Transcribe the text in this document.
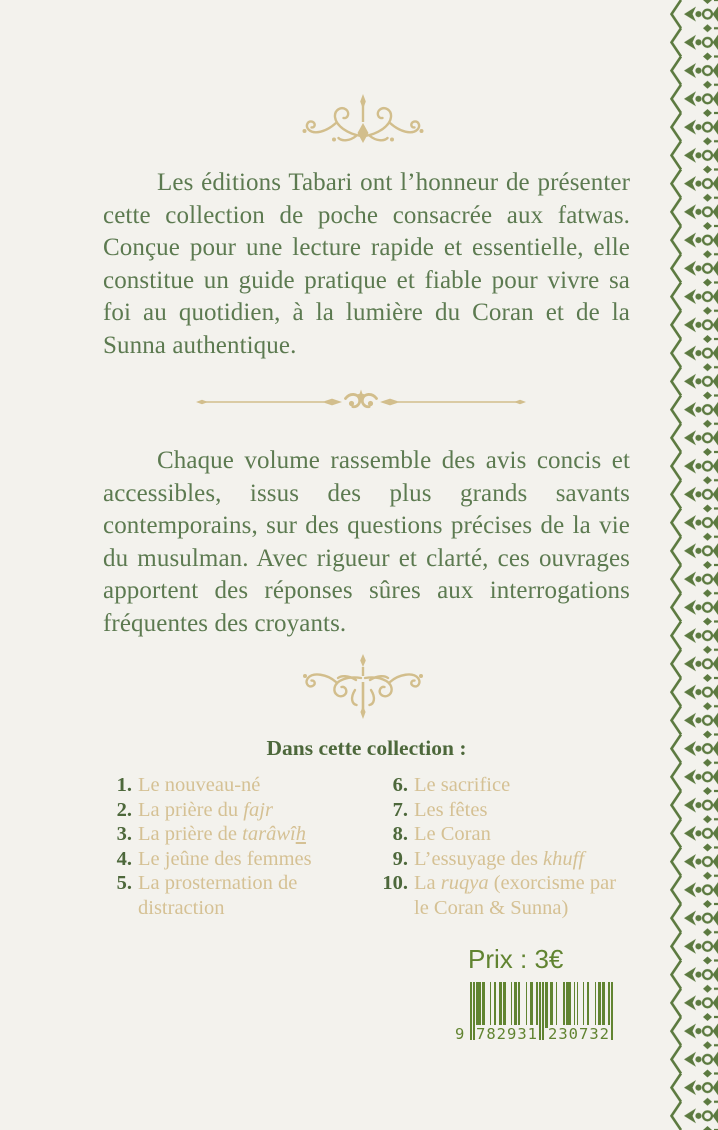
Les éditions Tabari ont l’honneur de présenter cette collection de poche consacrée aux fatwas. Conçue pour une lecture rapide et essentielle, elle constitue un guide pratique et fiable pour vivre sa foi au quotidien, à la lumière du Coran et de la Sunna authentique.

Chaque volume rassemble des avis concis et accessibles, issus des plus grands savants contemporains, sur des questions précises de la vie du musulman. Avec rigueur et clarté, ces ouvrages apportent des réponses sûres aux interrogations fréquentes des croyants.

Dans cette collection :
1. Le nouveau-né
2. La prière du fajr
3. La prière de tarâwîh
4. Le jeûne des femmes
5. La prosternation de distraction
6. Le sacrifice
7. Les fêtes
8. Le Coran
9. L’essuyage des khuff
10. La ruqya (exorcisme par le Coran & Sunna)
Prix : 3€
9 782931 230732
